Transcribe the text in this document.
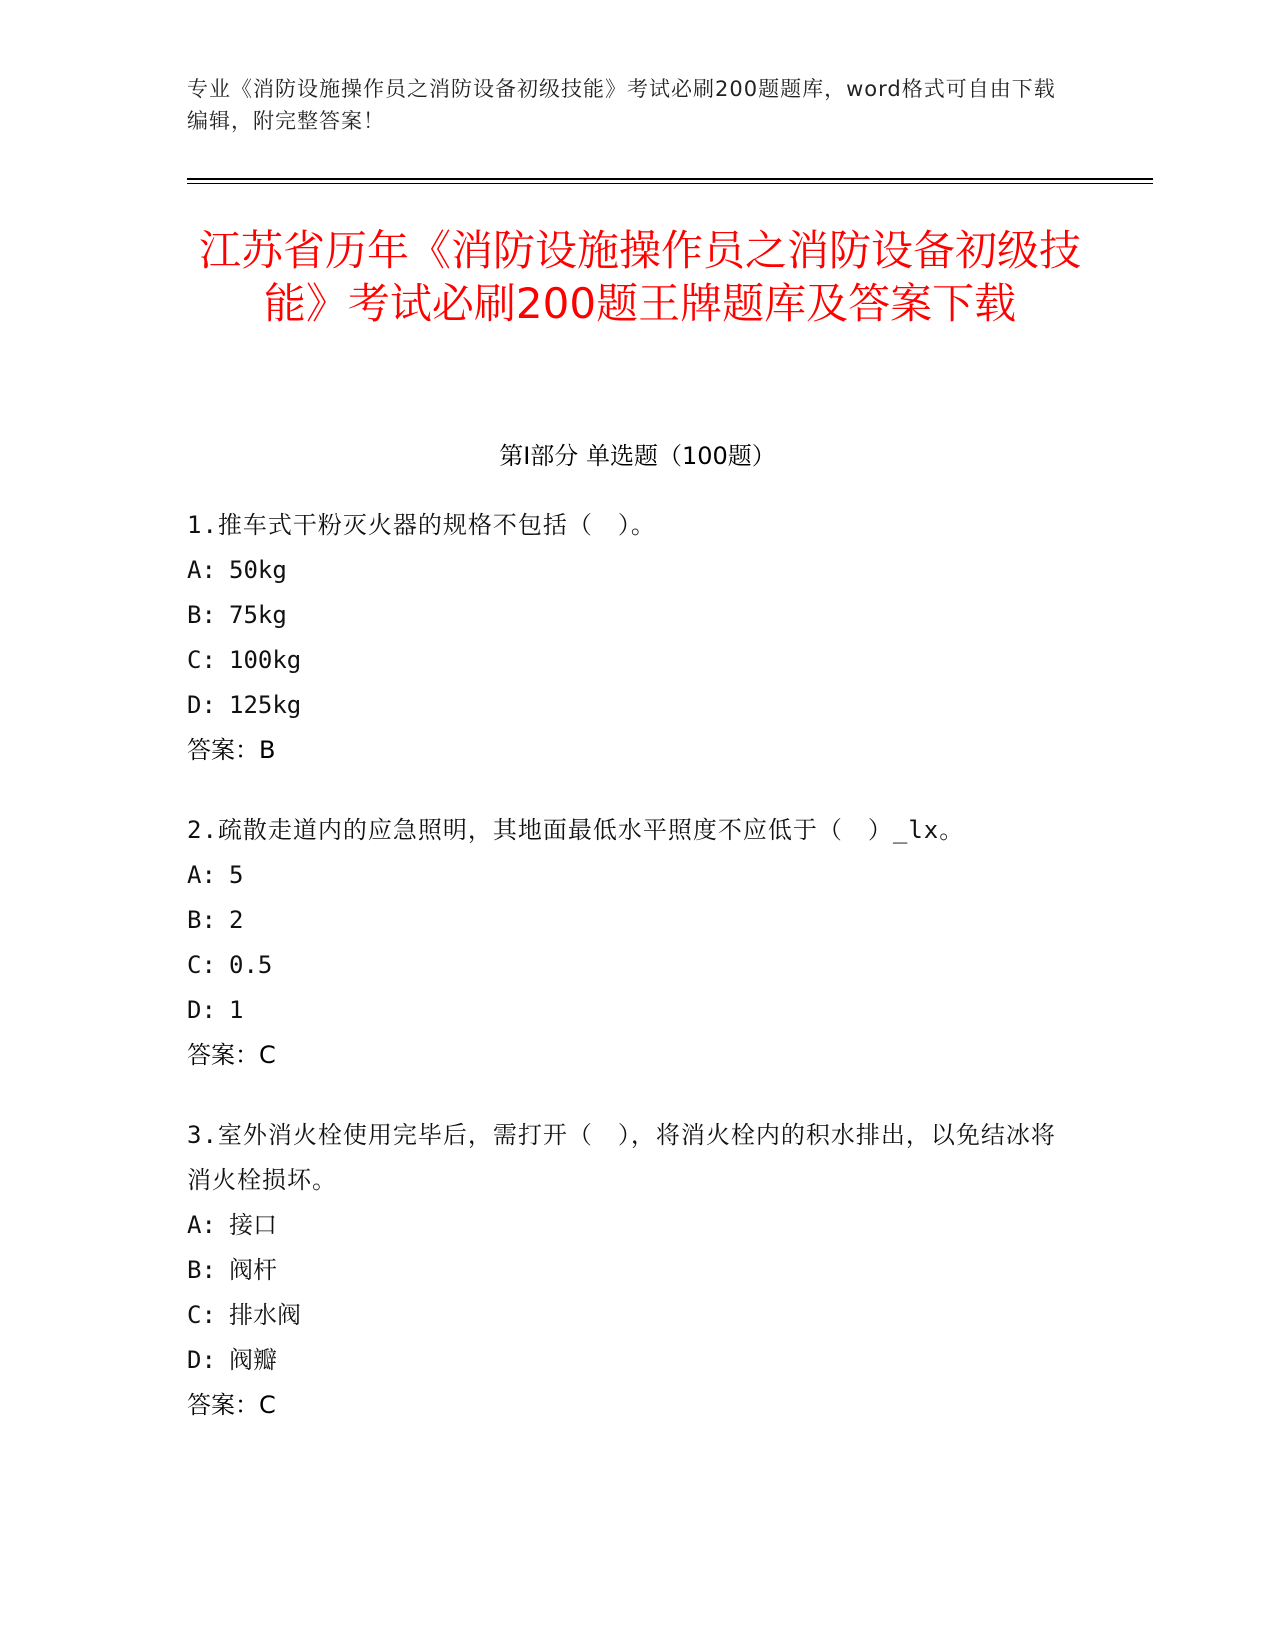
专业《消防设施操作员之消防设备初级技能》考试必刷200题题库，word格式可自由下载编辑，附完整答案！
江苏省历年《消防设施操作员之消防设备初级技能》考试必刷200题王牌题库及答案下载
第Ⅰ部分 单选题（100题）
1.推车式干粉灭火器的规格不包括（　）。
A: 50kg
B: 75kg
C: 100kg
D: 125kg
答案：B
2.疏散走道内的应急照明，其地面最低水平照度不应低于（　）_lx。
A: 5
B: 2
C: 0.5
D: 1
答案：C
3.室外消火栓使用完毕后，需打开（　），将消火栓内的积水排出，以免结冰将消火栓损坏。
A: 接口
B: 阀杆
C: 排水阀
D: 阀瓣
答案：C
